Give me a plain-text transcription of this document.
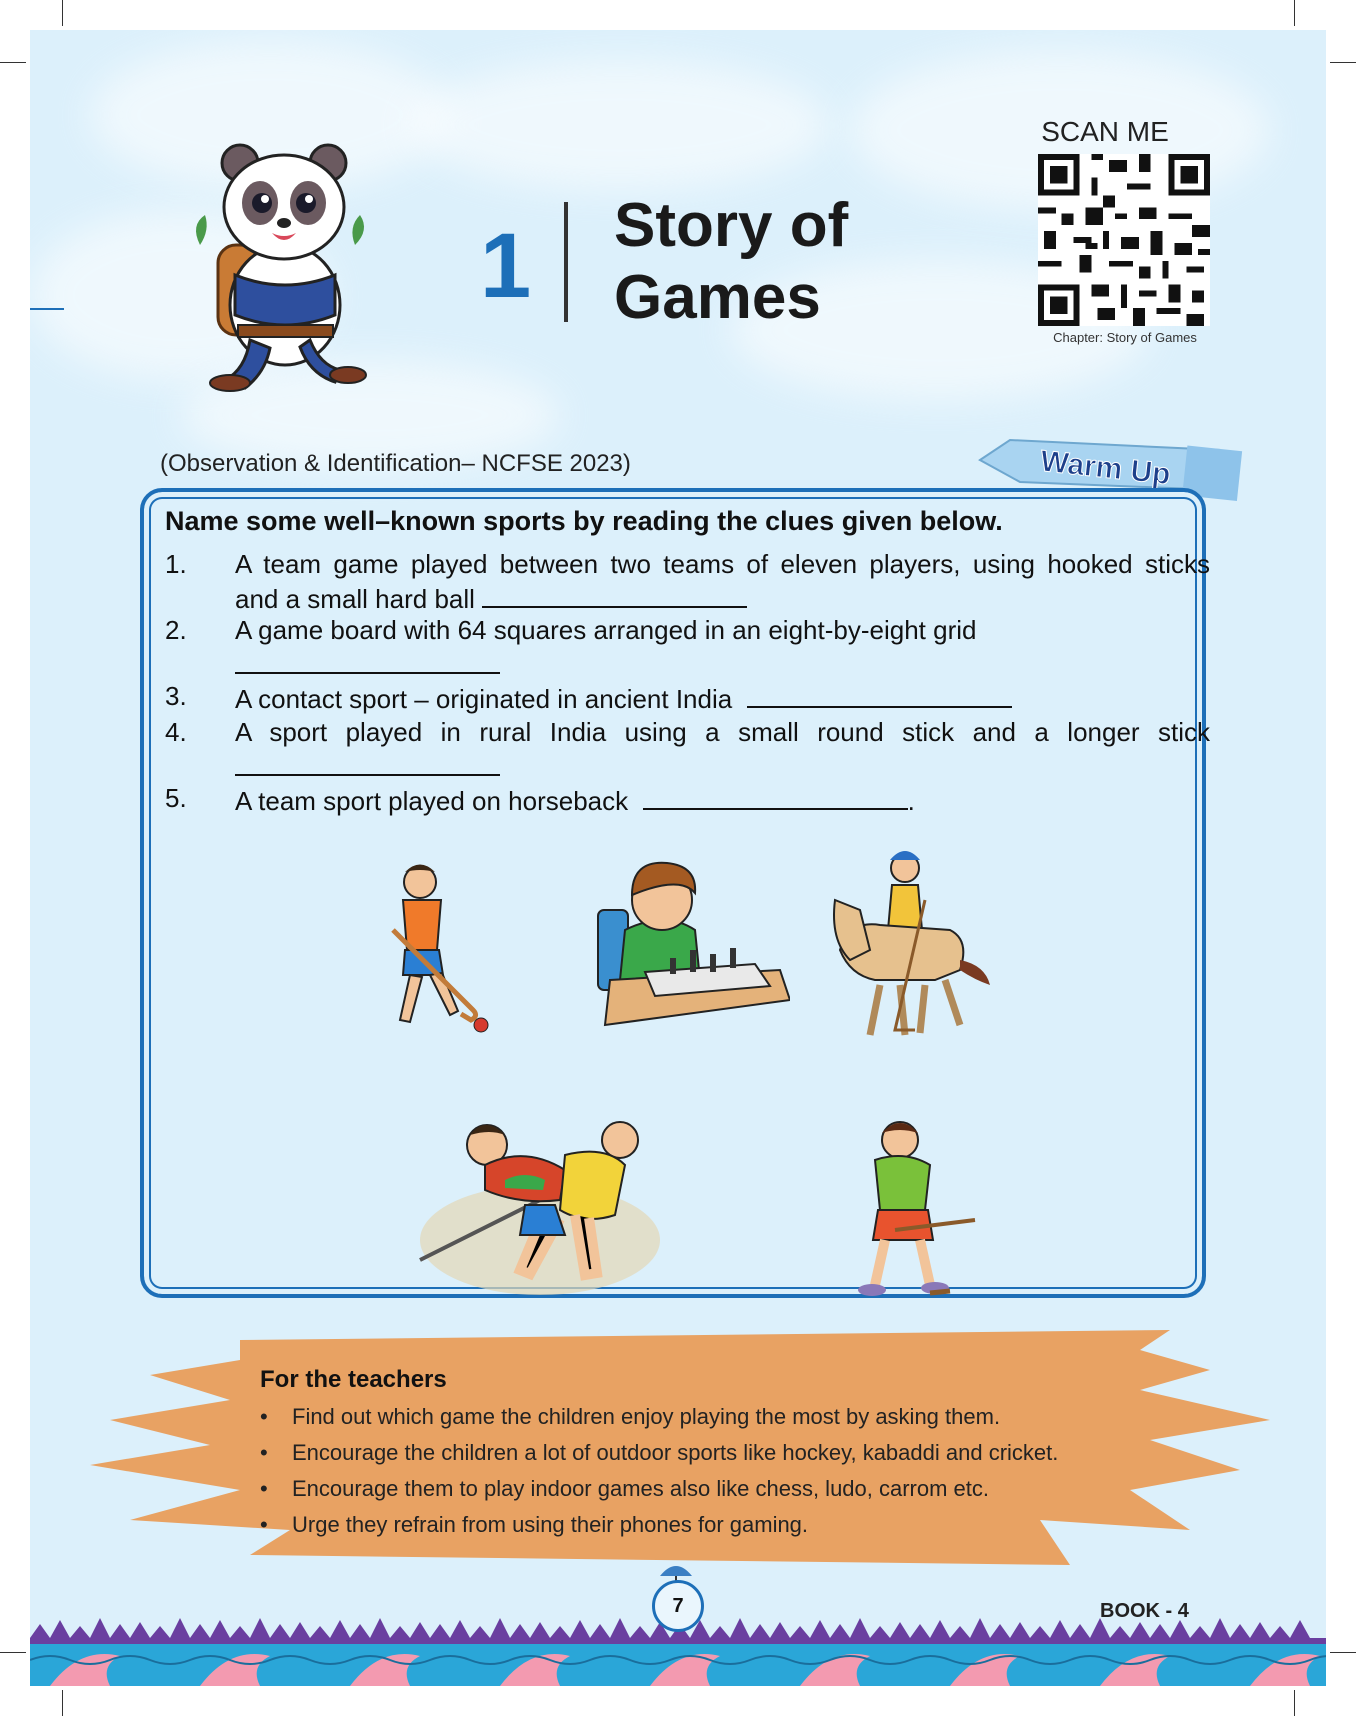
1 Story of Games
SCAN ME
Chapter: Story of Games
Warm Up
(Observation & Identification– NCFSE 2023)
Name some well–known sports by reading the clues given below.
1.	A team game played between two teams of eleven players, using hooked sticks
and a small hard ball
2.	A game board with 64 squares arranged in an eight-by-eight grid
3.	A contact sport – originated in ancient India
4.	A sport played in rural India using a small round stick and a longer stick
5.	A team sport played on horseback	.
For the teachers
• Find out which game the children enjoy playing the most by asking them.
• Encourage the children a lot of outdoor sports like hockey, kabaddi and cricket.
• Encourage them to play indoor games also like chess, ludo, carrom etc.
• Urge they refrain from using their phones for gaming.
7	BOOK - 4
